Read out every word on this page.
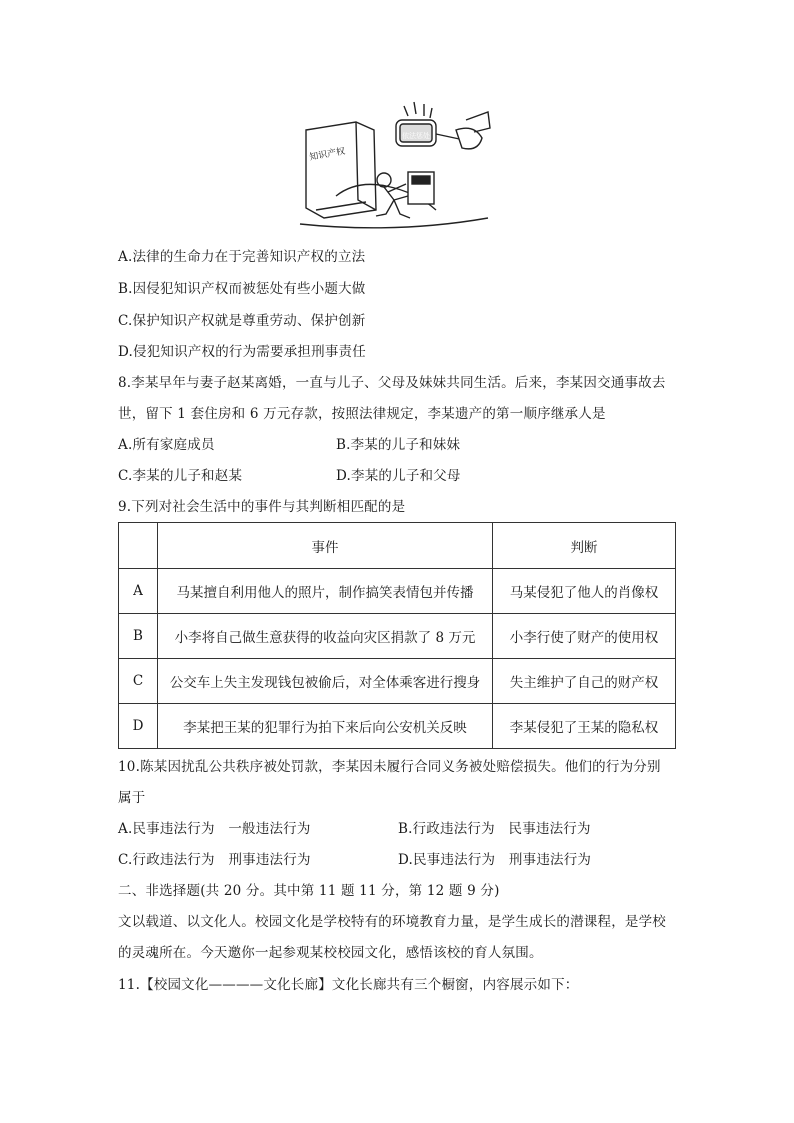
知识产权
依法惩处
A.法律的生命力在于完善知识产权的立法
B.因侵犯知识产权而被惩处有些小题大做
C.保护知识产权就是尊重劳动、保护创新
D.侵犯知识产权的行为需要承担刑事责任
8.李某早年与妻子赵某离婚，一直与儿子、父母及妹妹共同生活。后来，李某因交通事故去
世，留下 1 套住房和 6 万元存款，按照法律规定，李某遗产的第一顺序继承人是
A.所有家庭成员	B.李某的儿子和妹妹
C.李某的儿子和赵某	D.李某的儿子和父母
9.下列对社会生活中的事件与其判断相匹配的是
	事件	判断
A	马某擅自利用他人的照片，制作搞笑表情包并传播	马某侵犯了他人的肖像权
B	小李将自己做生意获得的收益向灾区捐款了 8 万元	小李行使了财产的使用权
C	公交车上失主发现钱包被偷后，对全体乘客进行搜身	失主维护了自己的财产权
D	李某把王某的犯罪行为拍下来后向公安机关反映	李某侵犯了王某的隐私权
10.陈某因扰乱公共秩序被处罚款，李某因未履行合同义务被处赔偿损失。他们的行为分别
属于
A.民事违法行为　一般违法行为	B.行政违法行为　民事违法行为
C.行政违法行为　刑事违法行为	D.民事违法行为　刑事违法行为
二、非选择题(共 20 分。其中第 11 题 11 分，第 12 题 9 分)
文以载道、以文化人。校园文化是学校特有的环境教育力量，是学生成长的潜课程，是学校
的灵魂所在。今天邀你一起参观某校校园文化，感悟该校的育人氛围。
11.【校园文化————文化长廊】文化长廊共有三个橱窗，内容展示如下：
